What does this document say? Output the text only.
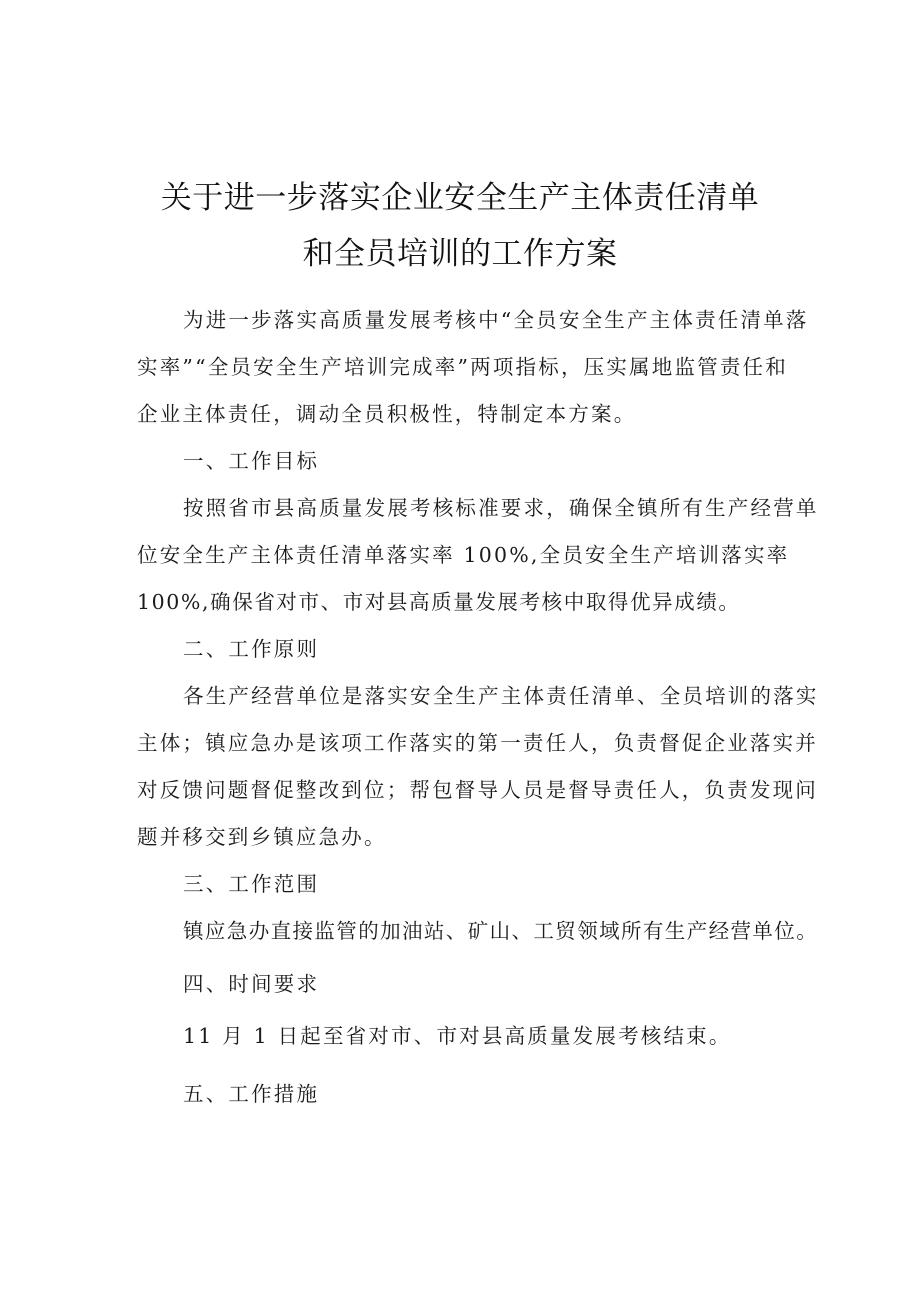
关于进一步落实企业安全生产主体责任清单
和全员培训的工作方案
为进一步落实高质量发展考核中“全员安全生产主体责任清单落
实率”“全员安全生产培训完成率”两项指标，压实属地监管责任和
企业主体责任，调动全员积极性，特制定本方案。
一、工作目标
按照省市县高质量发展考核标准要求，确保全镇所有生产经营单
位安全生产主体责任清单落实率 100%,全员安全生产培训落实率
100%,确保省对市、市对县高质量发展考核中取得优异成绩。
二、工作原则
各生产经营单位是落实安全生产主体责任清单、全员培训的落实
主体；镇应急办是该项工作落实的第一责任人，负责督促企业落实并
对反馈问题督促整改到位；帮包督导人员是督导责任人，负责发现问
题并移交到乡镇应急办。
三、工作范围
镇应急办直接监管的加油站、矿山、工贸领域所有生产经营单位。
四、时间要求
11 月 1 日起至省对市、市对县高质量发展考核结束。
五、工作措施
